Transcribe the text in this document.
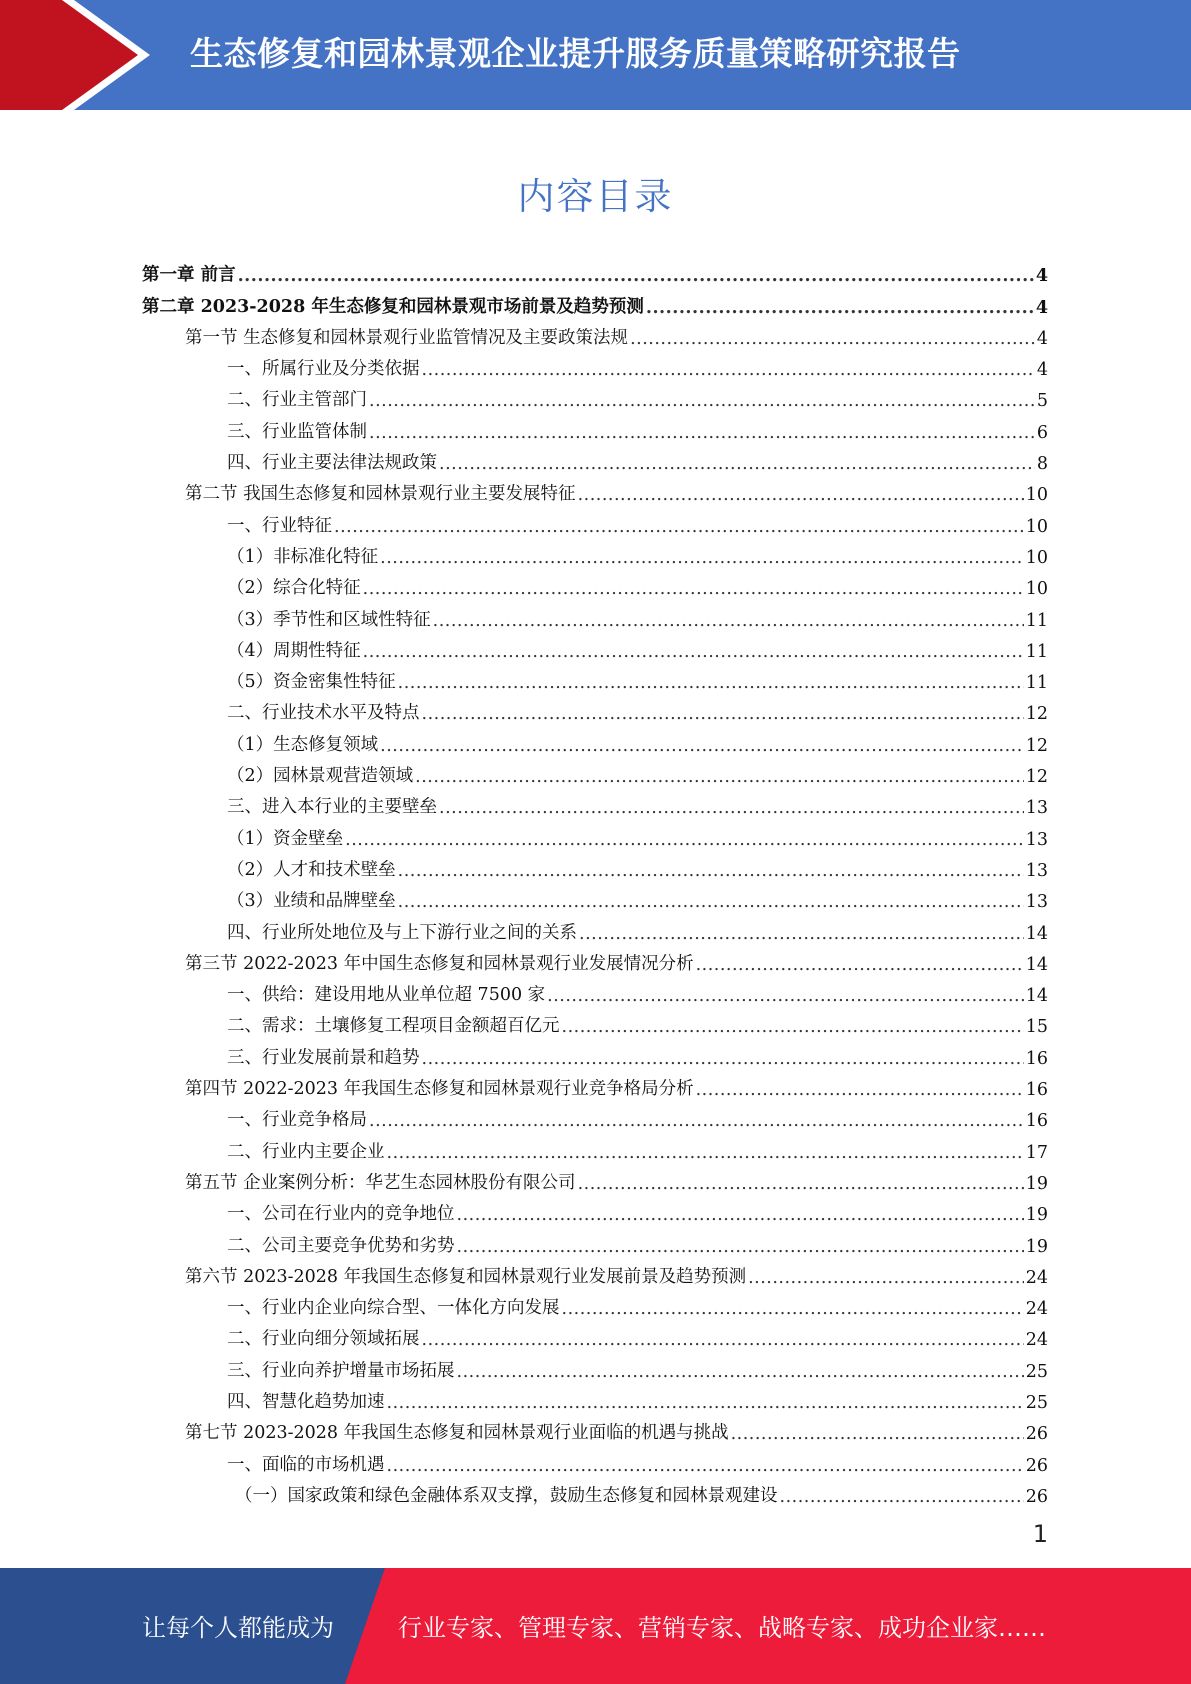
生态修复和园林景观企业提升服务质量策略研究报告
内容目录
第一章 前言 .....	4
第二章 2023-2028 年生态修复和园林景观市场前景及趋势预测 .....	4
第一节 生态修复和园林景观行业监管情况及主要政策法规 .....	4
一、所属行业及分类依据 .....	4
二、行业主管部门 .....	5
三、行业监管体制 .....	6
四、行业主要法律法规政策 .....	8
第二节 我国生态修复和园林景观行业主要发展特征 .....	10
一、行业特征 .....	10
（1）非标准化特征 .....	10
（2）综合化特征 .....	10
（3）季节性和区域性特征 .....	11
（4）周期性特征 .....	11
（5）资金密集性特征 .....	11
二、行业技术水平及特点 .....	12
（1）生态修复领域 .....	12
（2）园林景观营造领域 .....	12
三、进入本行业的主要壁垒 .....	13
（1）资金壁垒 .....	13
（2）人才和技术壁垒 .....	13
（3）业绩和品牌壁垒 .....	13
四、行业所处地位及与上下游行业之间的关系 .....	14
第三节 2022-2023 年中国生态修复和园林景观行业发展情况分析 .....	14
一、供给：建设用地从业单位超 7500 家 .....	14
二、需求：土壤修复工程项目金额超百亿元 .....	15
三、行业发展前景和趋势 .....	16
第四节 2022-2023 年我国生态修复和园林景观行业竞争格局分析 .....	16
一、行业竞争格局 .....	16
二、行业内主要企业 .....	17
第五节 企业案例分析：华艺生态园林股份有限公司 .....	19
一、公司在行业内的竞争地位 .....	19
二、公司主要竞争优势和劣势 .....	19
第六节 2023-2028 年我国生态修复和园林景观行业发展前景及趋势预测 .....	24
一、行业内企业向综合型、一体化方向发展 .....	24
二、行业向细分领域拓展 .....	24
三、行业向养护增量市场拓展 .....	25
四、智慧化趋势加速 .....	25
第七节 2023-2028 年我国生态修复和园林景观行业面临的机遇与挑战 .....	26
一、面临的市场机遇 .....	26
（一）国家政策和绿色金融体系双支撑，鼓励生态修复和园林景观建设 .....	26
1
让每个人都能成为	行业专家、管理专家、营销专家、战略专家、成功企业家……
